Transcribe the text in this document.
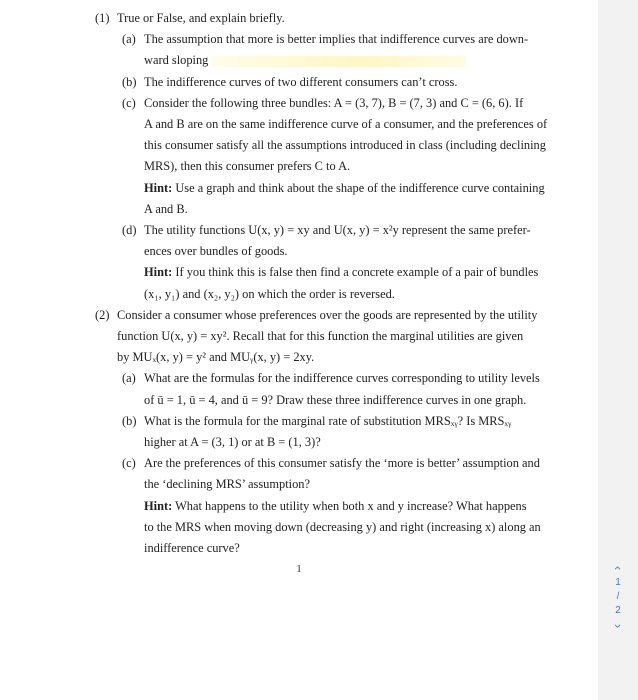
(1) True or False, and explain briefly.
(a) The assumption that more is better implies that indifference curves are down-
ward sloping
(b) The indifference curves of two different consumers can’t cross.
(c) Consider the following three bundles: A = (3, 7), B = (7, 3) and C = (6, 6). If
A and B are on the same indifference curve of a consumer, and the preferences of
this consumer satisfy all the assumptions introduced in class (including declining
MRS), then this consumer prefers C to A.
Hint: Use a graph and think about the shape of the indifference curve containing
A and B.
(d) The utility functions U(x, y) = xy and U(x, y) = x²y represent the same prefer-
ences over bundles of goods.
Hint: If you think this is false then find a concrete example of a pair of bundles
(x₁, y₁) and (x₂, y₂) on which the order is reversed.
(2) Consider a consumer whose preferences over the goods are represented by the utility
function U(x, y) = xy². Recall that for this function the marginal utilities are given
by MUₓ(x, y) = y² and MUᵧ(x, y) = 2xy.
(a) What are the formulas for the indifference curves corresponding to utility levels
of ū = 1, ū = 4, and ū = 9? Draw these three indifference curves in one graph.
(b) What is the formula for the marginal rate of substitution MRSₓᵧ? Is MRSₓᵧ
higher at A = (3, 1) or at B = (1, 3)?
(c) Are the preferences of this consumer satisfy the ‘more is better’ assumption and
the ‘declining MRS’ assumption?
Hint: What happens to the utility when both x and y increase? What happens
to the MRS when moving down (decreasing y) and right (increasing x) along an
indifference curve?
1	‹
1
/
2
›
